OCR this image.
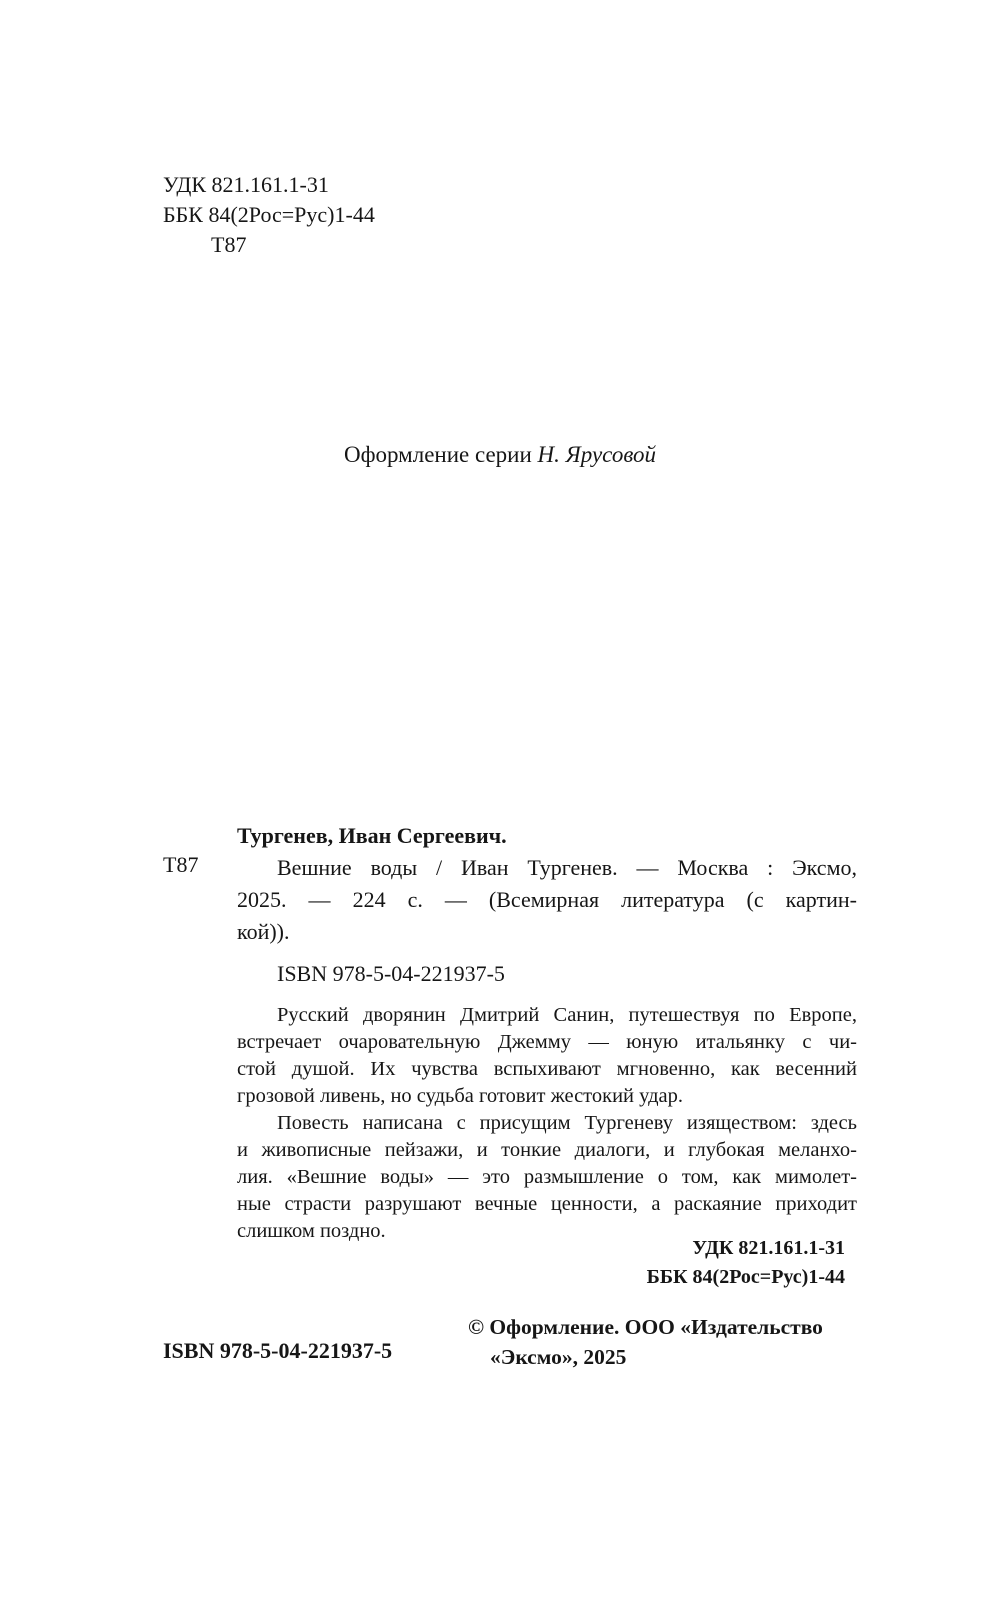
УДК 821.161.1-31
ББК 84(2Рос=Рус)1-44
Т87
Оформление серии Н. Ярусовой
Т87
Тургенев, Иван Сергеевич.
Вешние воды / Иван Тургенев. — Москва : Эксмо,
2025. — 224 с. — (Всемирная литература (с картин-
кой)).
ISBN 978-5-04-221937-5
Русский дворянин Дмитрий Санин, путешествуя по Европе,
встречает очаровательную Джемму — юную итальянку с чи-
стой душой. Их чувства вспыхивают мгновенно, как весенний
грозовой ливень, но судьба готовит жестокий удар.
Повесть написана с присущим Тургеневу изяществом: здесь
и живописные пейзажи, и тонкие диалоги, и глубокая меланхо-
лия. «Вешние воды» — это размышление о том, как мимолет-
ные страсти разрушают вечные ценности, а раскаяние приходит
слишком поздно.
УДК 821.161.1-31
ББК 84(2Рос=Рус)1-44
ISBN 978-5-04-221937-5
© Оформление. ООО «Издательство
«Эксмо», 2025
